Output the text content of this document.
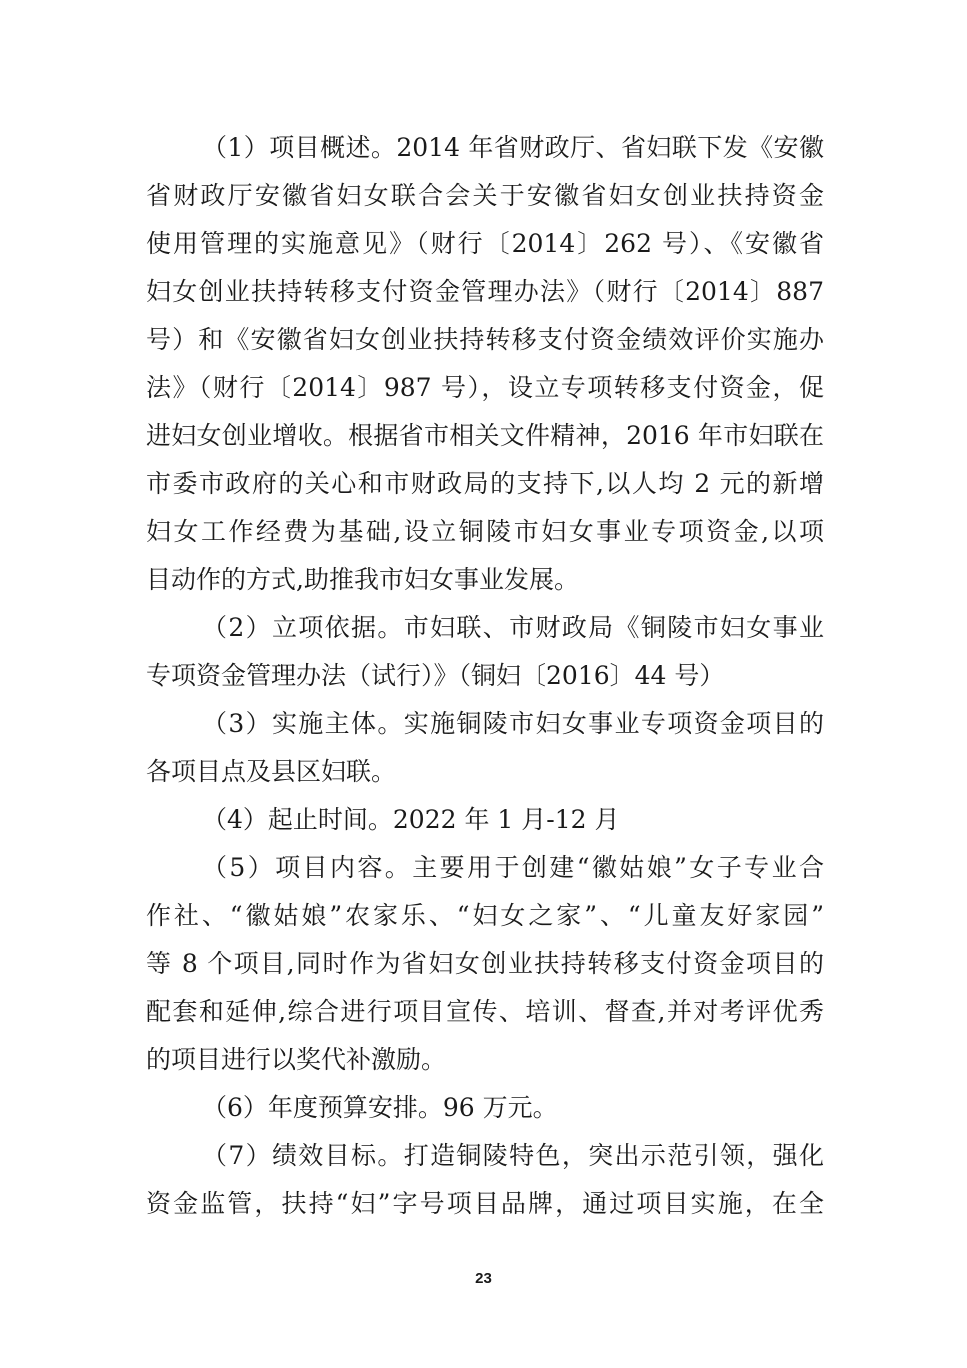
（1）项目概述。2014 年省财政厅、省妇联下发《安徽
省财政厅安徽省妇女联合会关于安徽省妇女创业扶持资金
使用管理的实施意见》（财行〔2014〕262 号）、《安徽省
妇女创业扶持转移支付资金管理办法》（财行〔2014〕887
号）和《安徽省妇女创业扶持转移支付资金绩效评价实施办
法》（财行〔2014〕987 号），设立专项转移支付资金，促
进妇女创业增收。根据省市相关文件精神，2016 年市妇联在
市委市政府的关心和市财政局的支持下,以人均 2 元的新增
妇女工作经费为基础,设立铜陵市妇女事业专项资金,以项
目动作的方式,助推我市妇女事业发展。
（2）立项依据。市妇联、市财政局《铜陵市妇女事业
专项资金管理办法（试行）》（铜妇〔2016〕44 号）
（3）实施主体。实施铜陵市妇女事业专项资金项目的
各项目点及县区妇联。
（4）起止时间。2022 年 1 月-12 月
（5）项目内容。主要用于创建“徽姑娘”女子专业合
作社、“徽姑娘”农家乐、“妇女之家”、“儿童友好家园”
等 8 个项目,同时作为省妇女创业扶持转移支付资金项目的
配套和延伸,综合进行项目宣传、培训、督查,并对考评优秀
的项目进行以奖代补激励。
（6）年度预算安排。96 万元。
（7）绩效目标。打造铜陵特色，突出示范引领，强化
资金监管，扶持“妇”字号项目品牌，通过项目实施，在全
23
